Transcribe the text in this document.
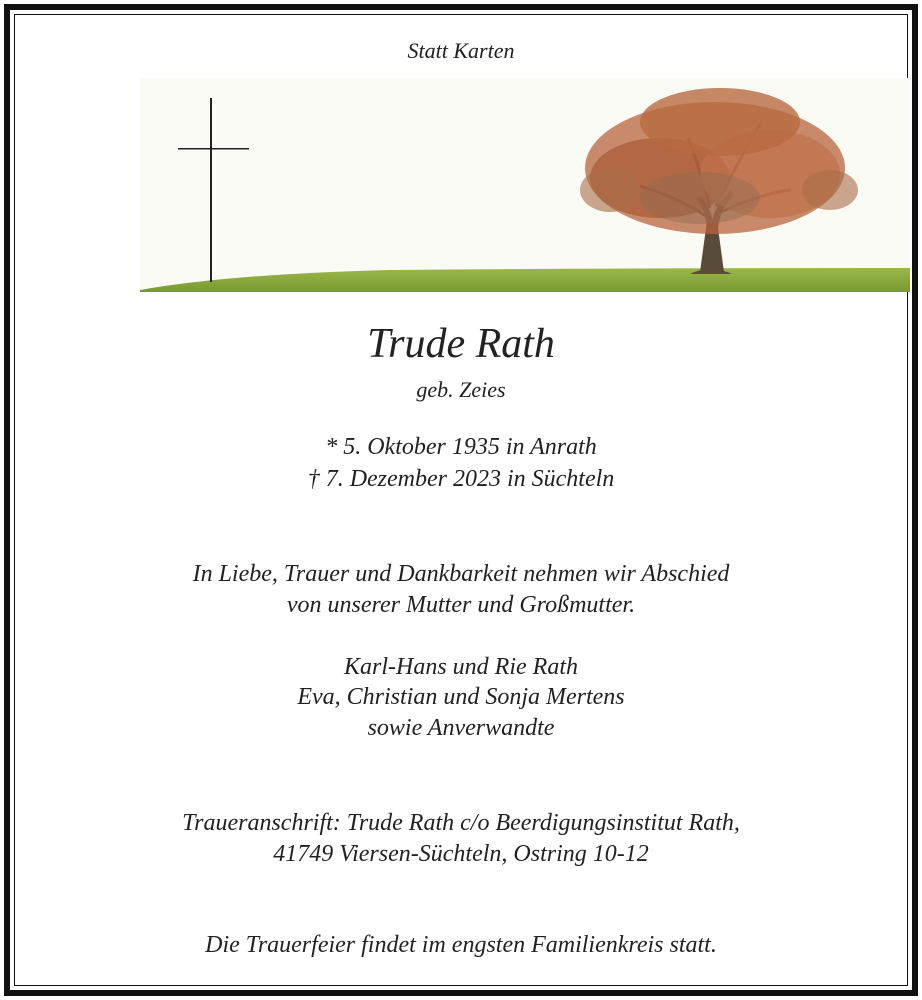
Statt Karten
Trude Rath
geb. Zeies
* 5. Oktober 1935 in Anrath
† 7. Dezember 2023 in Süchteln
In Liebe, Trauer und Dankbarkeit nehmen wir Abschied
von unserer Mutter und Großmutter.
Karl-Hans und Rie Rath
Eva, Christian und Sonja Mertens
sowie Anverwandte
Traueranschrift: Trude Rath c/o Beerdigungsinstitut Rath,
41749 Viersen-Süchteln, Ostring 10-12
Die Trauerfeier findet im engsten Familienkreis statt.
